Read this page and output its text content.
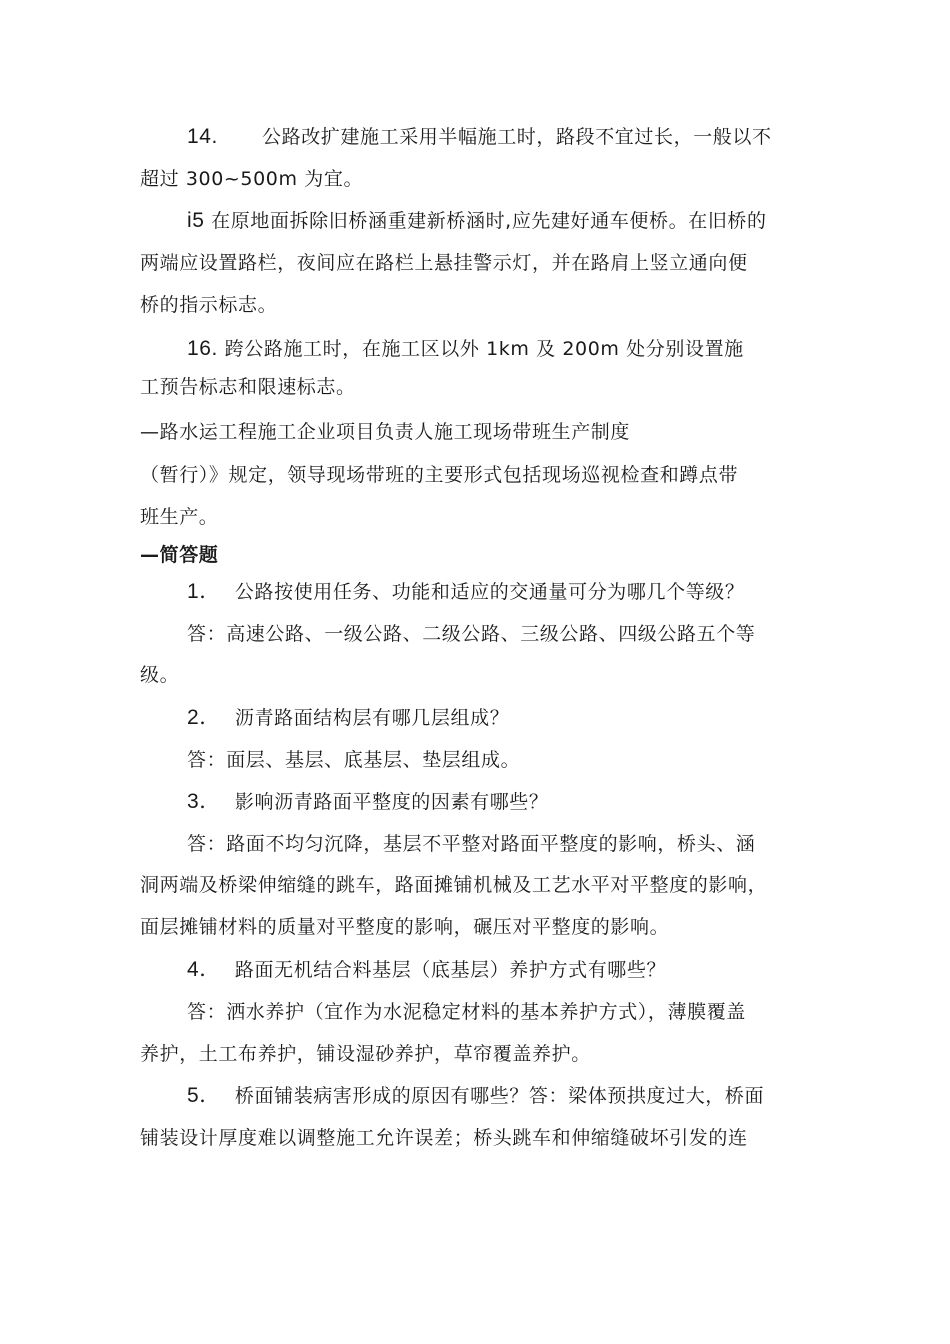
14. 公路改扩建施工采用半幅施工时，路段不宜过长，一般以不
超过 300~500m 为宜。
i5 在原地面拆除旧桥涵重建新桥涵时,应先建好通车便桥。在旧桥的
两端应设置路栏，夜间应在路栏上悬挂警示灯，并在路肩上竖立通向便
桥的指示标志。
16. 跨公路施工时，在施工区以外 1km 及 200m 处分别设置施
工预告标志和限速标志。
—路水运工程施工企业项目负责人施工现场带班生产制度
（暂行）》规定，领导现场带班的主要形式包括现场巡视检查和蹲点带
班生产。
—简答题
1． 公路按使用任务、功能和适应的交通量可分为哪几个等级？
答：高速公路、一级公路、二级公路、三级公路、四级公路五个等
级。
2． 沥青路面结构层有哪几层组成？
答：面层、基层、底基层、垫层组成。
3． 影响沥青路面平整度的因素有哪些？
答：路面不均匀沉降，基层不平整对路面平整度的影响，桥头、涵
洞两端及桥梁伸缩缝的跳车，路面摊铺机械及工艺水平对平整度的影响，
面层摊铺材料的质量对平整度的影响，碾压对平整度的影响。
4． 路面无机结合料基层（底基层）养护方式有哪些？
答：洒水养护（宜作为水泥稳定材料的基本养护方式），薄膜覆盖
养护，土工布养护，铺设湿砂养护，草帘覆盖养护。
5． 桥面铺装病害形成的原因有哪些？答：梁体预拱度过大，桥面
铺装设计厚度难以调整施工允许误差；桥头跳车和伸缩缝破坏引发的连
